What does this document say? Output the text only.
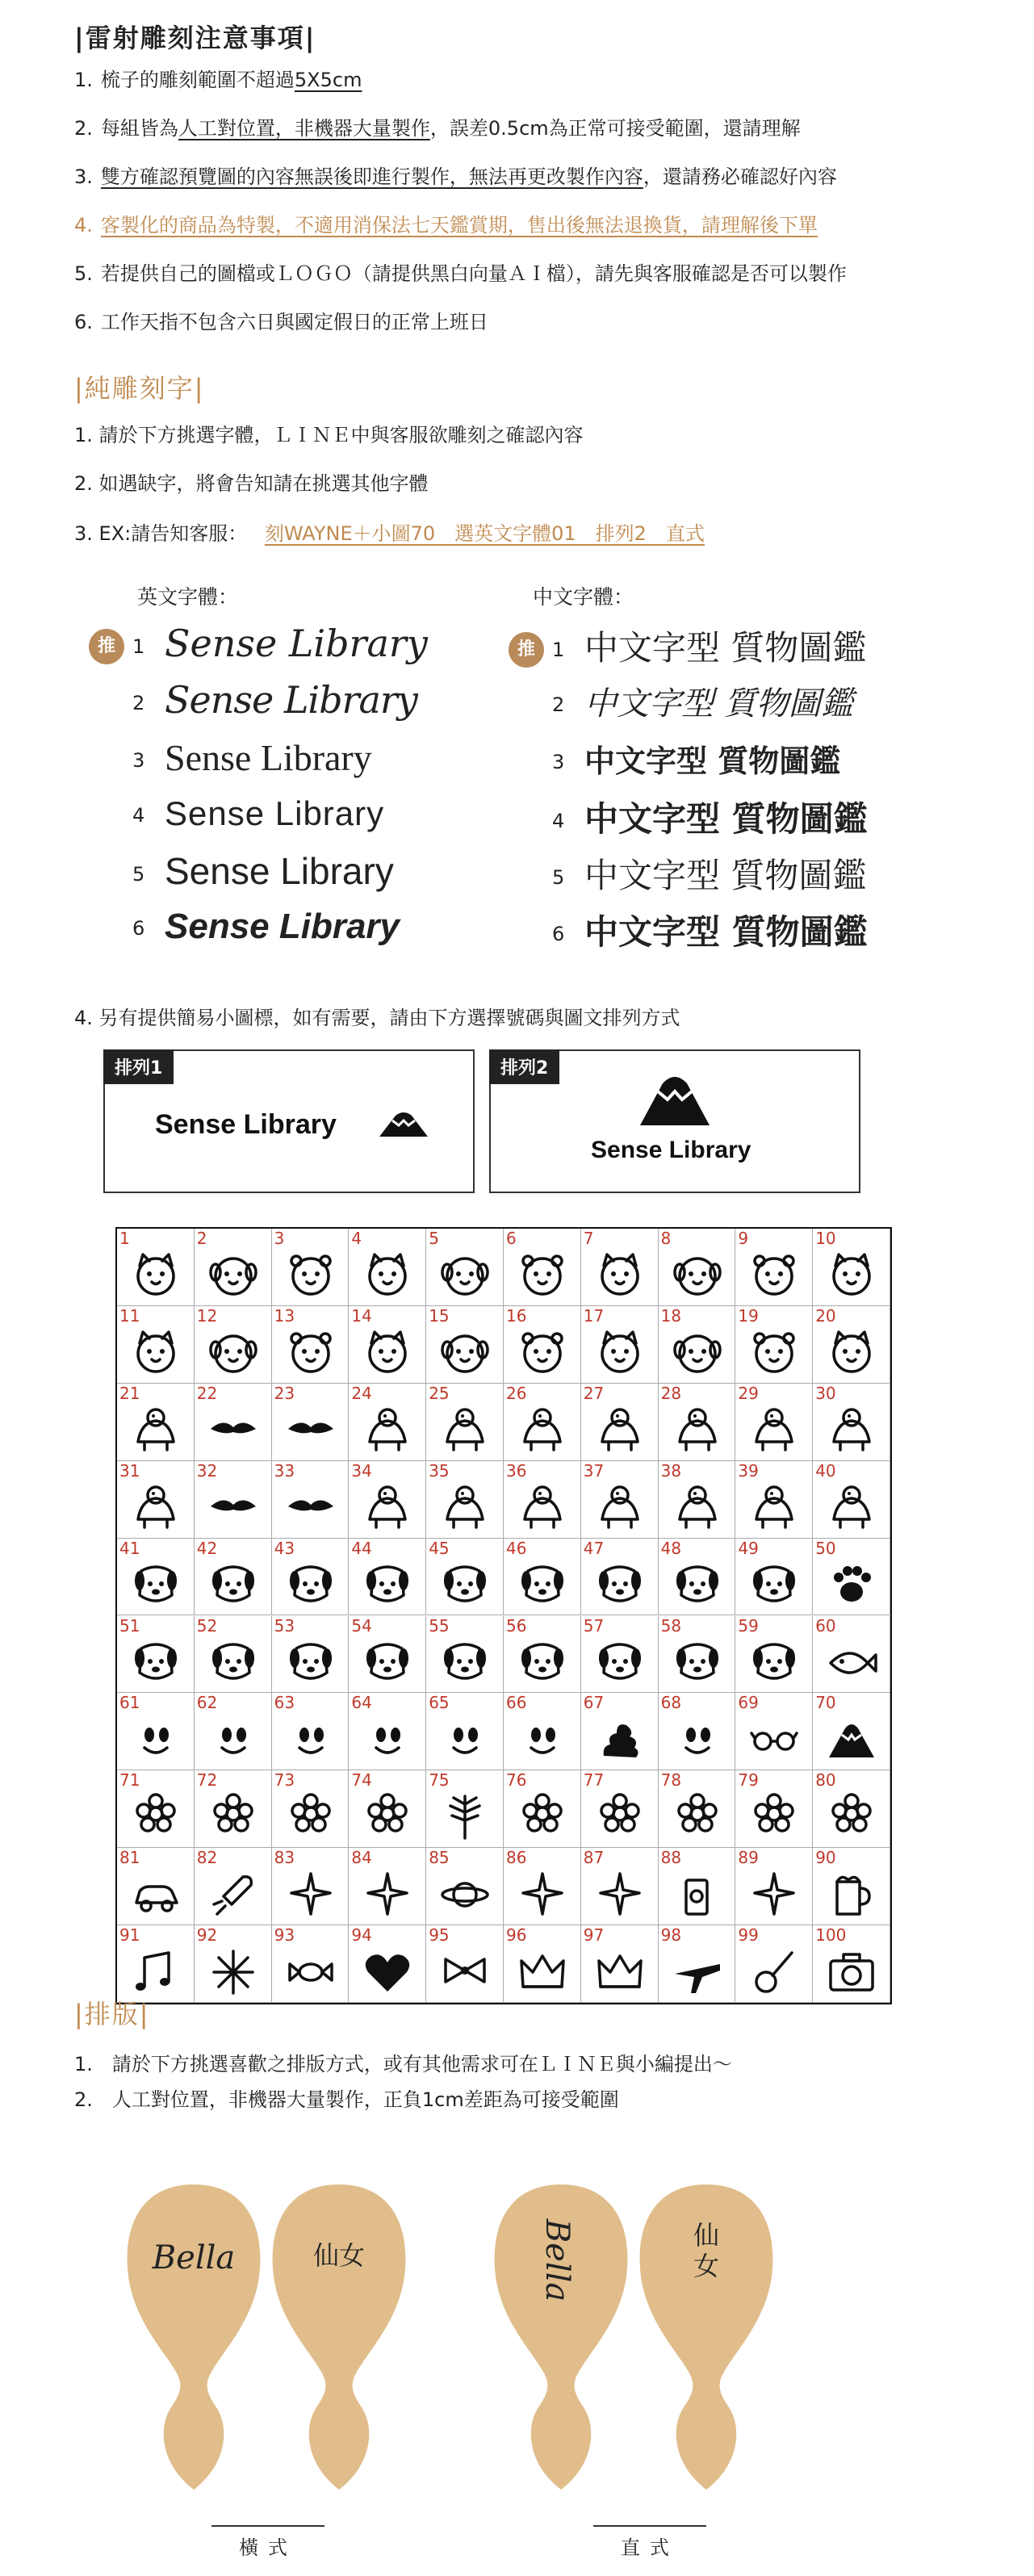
|雷射雕刻注意事項|
1. 梳子的雕刻範圍不超過5X5cm
2. 每組皆為人工對位置，非機器大量製作，誤差0.5cm為正常可接受範圍，還請理解
3. 雙方確認預覽圖的內容無誤後即進行製作，無法再更改製作內容，還請務必確認好內容
4. 客製化的商品為特製，不適用消保法七天鑑賞期，售出後無法退換貨，請理解後下單
5. 若提供自己的圖檔或ＬＯＧＯ（請提供黑白向量ＡＩ檔），請先與客服確認是否可以製作
6. 工作天指不包含六日與國定假日的正常上班日
|純雕刻字|
1. 請於下方挑選字體，ＬＩＮＥ中與客服欲雕刻之確認內容
2. 如遇缺字，將會告知請在挑選其他字體
3. EX:請告知客服： 刻WAYNE＋小圖70　選英文字體01　排列2　直式
英文字體：	中文字體：
推 1 Sense Library	推 1 中文字型 質物圖鑑
2 Sense Library	2 中文字型 質物圖鑑
3 Sense Library	3 中文字型 質物圖鑑
4 Sense Library	4 中文字型 質物圖鑑
5 Sense Library	5 中文字型 質物圖鑑
6 Sense Library	6 中文字型 質物圖鑑
4. 另有提供簡易小圖標，如有需要，請由下方選擇號碼與圖文排列方式
排列1
Sense Library
排列2
Sense Library
1	2	3	4	5	6	7	8	9	10
11	12	13	14	15	16	17	18	19	20
21	22	23	24	25	26	27	28	29	30
31	32	33	34	35	36	37	38	39	40
41	42	43	44	45	46	47	48	49	50
51	52	53	54	55	56	57	58	59	60
61	62	63	64	65	66	67	68	69	70
71	72	73	74	75	76	77	78	79	80
81	82	83	84	85	86	87	88	89	90
91	92	93	94	95	96	97	98	99	100
|排版|
1.　請於下方挑選喜歡之排版方式，或有其他需求可在ＬＩＮＥ與小編提出～
2.　人工對位置，非機器大量製作，正負1cm差距為可接受範圍
Bella	仙女	Bella	仙
女
橫式	直式
